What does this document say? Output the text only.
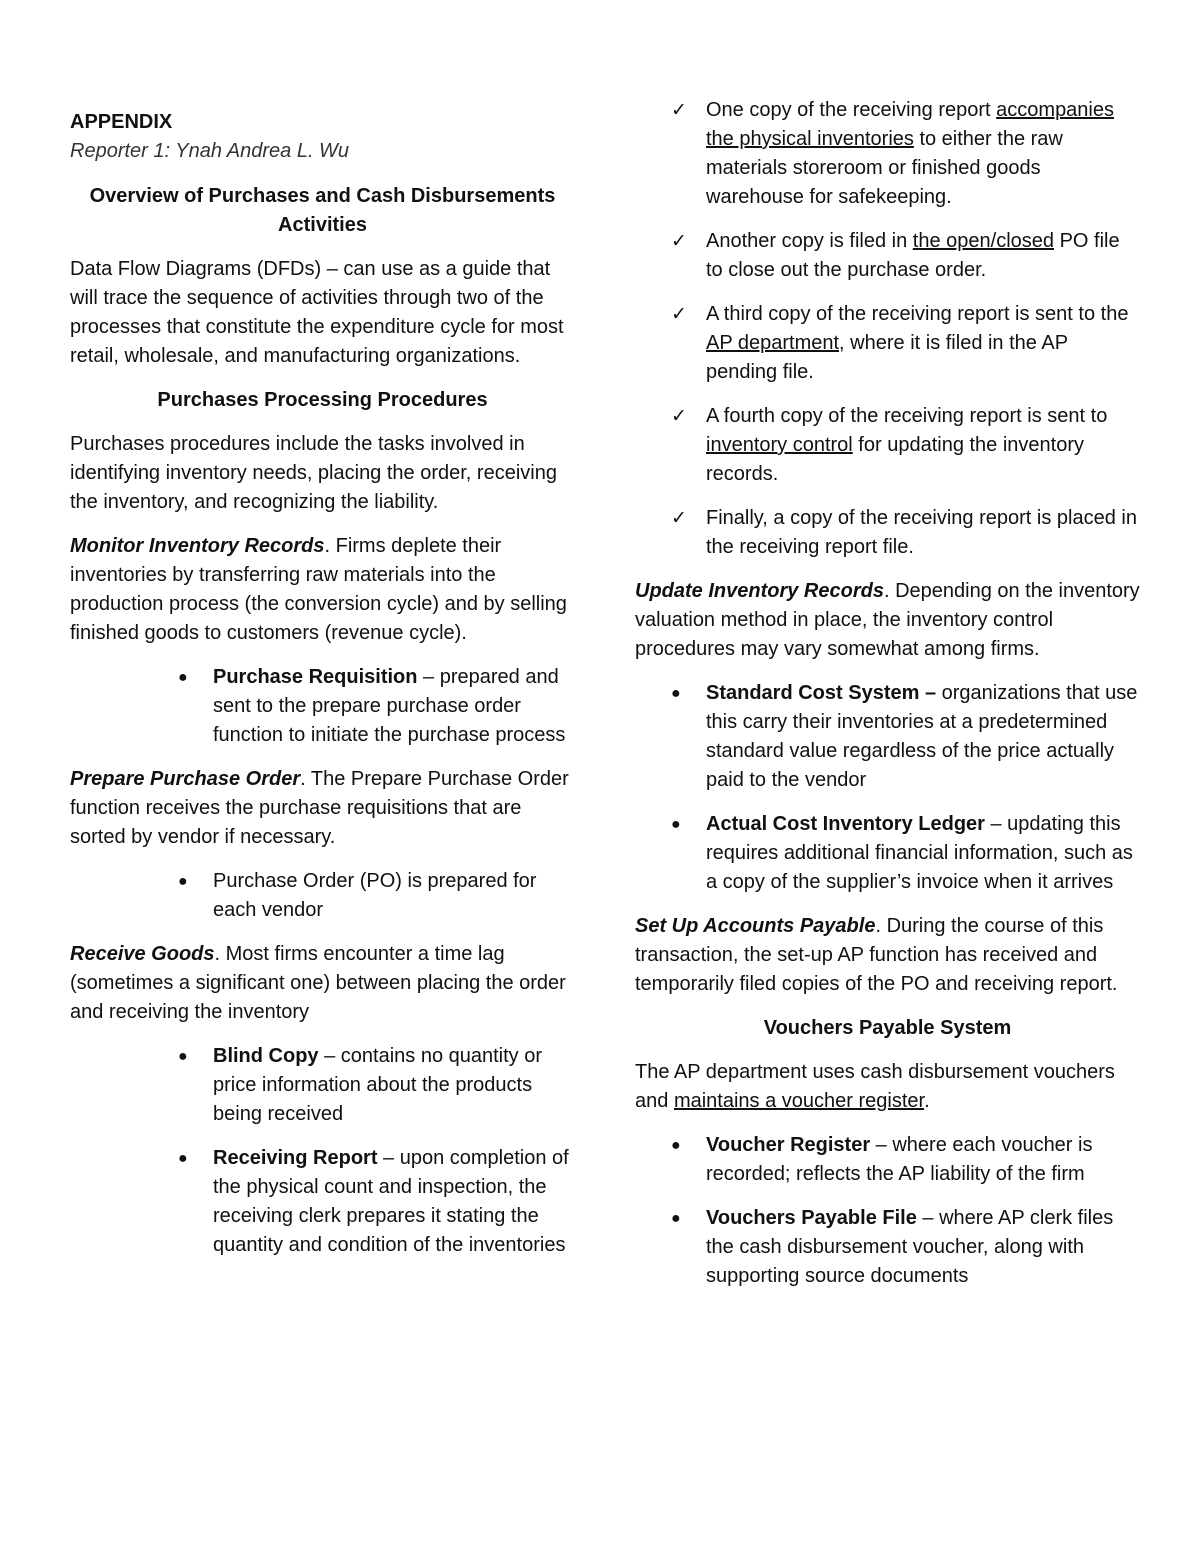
APPENDIX

Reporter 1: Ynah Andrea L. Wu

Overview of Purchases and Cash Disbursements Activities

Data Flow Diagrams (DFDs) – can use as a guide that will trace the sequence of activities through two of the processes that constitute the expenditure cycle for most retail, wholesale, and manufacturing organizations.

Purchases Processing Procedures

Purchases procedures include the tasks involved in identifying inventory needs, placing the order, receiving the inventory, and recognizing the liability.

Monitor Inventory Records. Firms deplete their inventories by transferring raw materials into the production process (the conversion cycle) and by selling finished goods to customers (revenue cycle).

● Purchase Requisition – prepared and sent to the prepare purchase order function to initiate the purchase process

Prepare Purchase Order. The Prepare Purchase Order function receives the purchase requisitions that are sorted by vendor if necessary.

● Purchase Order (PO) is prepared for each vendor

Receive Goods. Most firms encounter a time lag (sometimes a significant one) between placing the order and receiving the inventory

● Blind Copy – contains no quantity or price information about the products being received
● Receiving Report – upon completion of the physical count and inspection, the receiving clerk prepares it stating the quantity and condition of the inventories
✓ One copy of the receiving report accompanies the physical inventories to either the raw materials storeroom or finished goods warehouse for safekeeping.
✓ Another copy is filed in the open/closed PO file to close out the purchase order.
✓ A third copy of the receiving report is sent to the AP department, where it is filed in the AP pending file.
✓ A fourth copy of the receiving report is sent to inventory control for updating the inventory records.
✓ Finally, a copy of the receiving report is placed in the receiving report file.

Update Inventory Records. Depending on the inventory valuation method in place, the inventory control procedures may vary somewhat among firms.

● Standard Cost System – organizations that use this carry their inventories at a predetermined standard value regardless of the price actually paid to the vendor
● Actual Cost Inventory Ledger – updating this requires additional financial information, such as a copy of the supplier’s invoice when it arrives

Set Up Accounts Payable. During the course of this transaction, the set-up AP function has received and temporarily filed copies of the PO and receiving report.

Vouchers Payable System

The AP department uses cash disbursement vouchers and maintains a voucher register.

● Voucher Register – where each voucher is recorded; reflects the AP liability of the firm
● Vouchers Payable File – where AP clerk files the cash disbursement voucher, along with supporting source documents
